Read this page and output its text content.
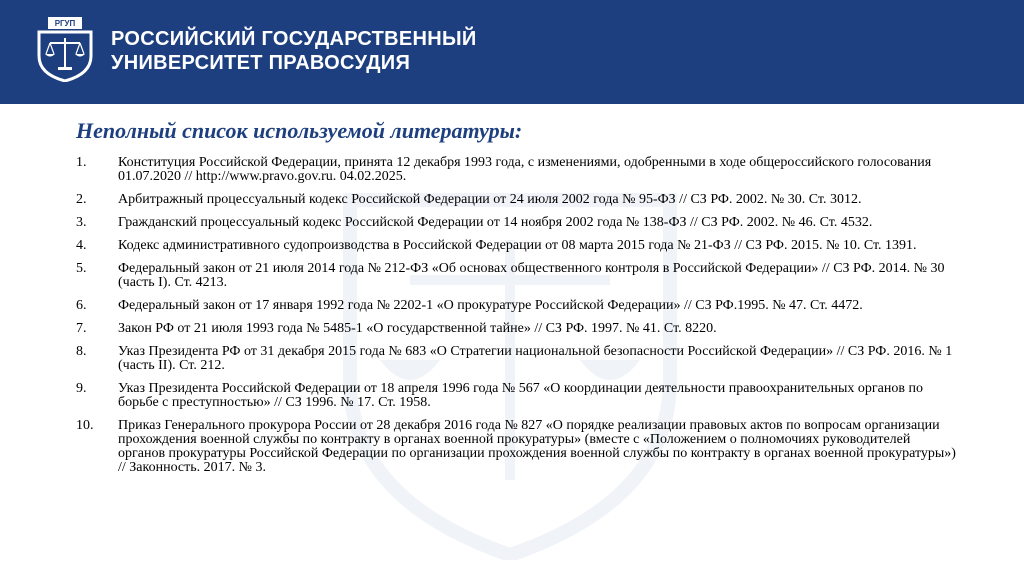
РГУП
РОССИЙСКИЙ ГОСУДАРСТВЕННЫЙ
УНИВЕРСИТЕТ ПРАВОСУДИЯ
Неполный список используемой литературы:
1.	Конституция Российской Федерации, принята 12 декабря 1993 года, с изменениями, одобренными в ходе общероссийского голосования 01.07.2020 // http://www.pravo.gov.ru. 04.02.2025.
2.	Арбитражный процессуальный кодекс Российской Федерации от 24 июля 2002 года № 95-ФЗ // СЗ РФ. 2002. № 30. Ст. 3012.
3.	Гражданский процессуальный кодекс Российской Федерации от 14 ноября 2002 года № 138-ФЗ // СЗ РФ. 2002. № 46. Ст. 4532.
4.	Кодекс административного судопроизводства в Российской Федерации от 08 марта 2015 года № 21-ФЗ // СЗ РФ. 2015. № 10. Ст. 1391.
5.	Федеральный закон от 21 июля 2014 года № 212-ФЗ «Об основах общественного контроля в Российской Федерации» // СЗ РФ. 2014. № 30 (часть I). Ст. 4213.
6.	Федеральный закон от 17 января 1992 года № 2202-1 «О прокуратуре Российской Федерации» // СЗ РФ.1995. № 47. Ст. 4472.
7.	Закон РФ от 21 июля 1993 года № 5485-1 «О государственной тайне» // СЗ РФ. 1997. № 41. Ст. 8220.
8.	Указ Президента РФ от 31 декабря 2015 года № 683 «О Стратегии национальной безопасности Российской Федерации» // СЗ РФ. 2016. № 1 (часть II). Ст. 212.
9.	Указ Президента Российской Федерации от 18 апреля 1996 года № 567 «О координации деятельности правоохранительных органов по борьбе с преступностью» // СЗ 1996. № 17. Ст. 1958.
10.	Приказ Генерального прокурора России от 28 декабря 2016 года № 827 «О порядке реализации правовых актов по вопросам организации прохождения военной службы по контракту в органах военной прокуратуры» (вместе с «Положением о полномочиях руководителей органов прокуратуры Российской Федерации по организации прохождения военной службы по контракту в органах военной прокуратуры») // Законность. 2017. № 3.
